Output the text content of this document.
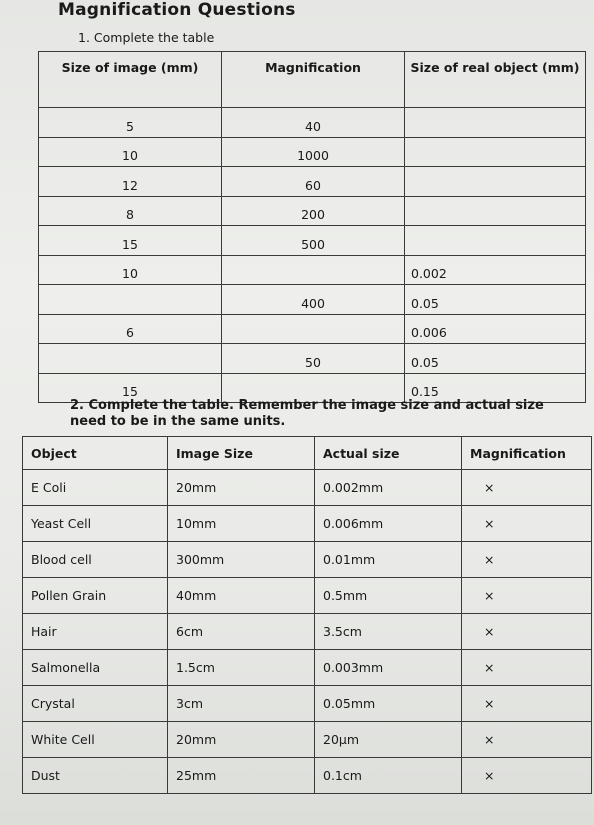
Magnification Questions
1. Complete the table
Size of image (mm)	Magnification	Size of real object (mm)
5	40	
10	1000	
12	60	
8	200	
15	500	
10		0.002
	400	0.05
6		0.006
	50	0.05
15		0.15
2. Complete the table. Remember the image size and actual size need to be in the same units.
Object	Image Size	Actual size	Magnification
E Coli	20mm	0.002mm	×
Yeast Cell	10mm	0.006mm	×
Blood cell	300mm	0.01mm	×
Pollen Grain	40mm	0.5mm	×
Hair	6cm	3.5cm	×
Salmonella	1.5cm	0.003mm	×
Crystal	3cm	0.05mm	×
White Cell	20mm	20µm	×
Dust	25mm	0.1cm	×
